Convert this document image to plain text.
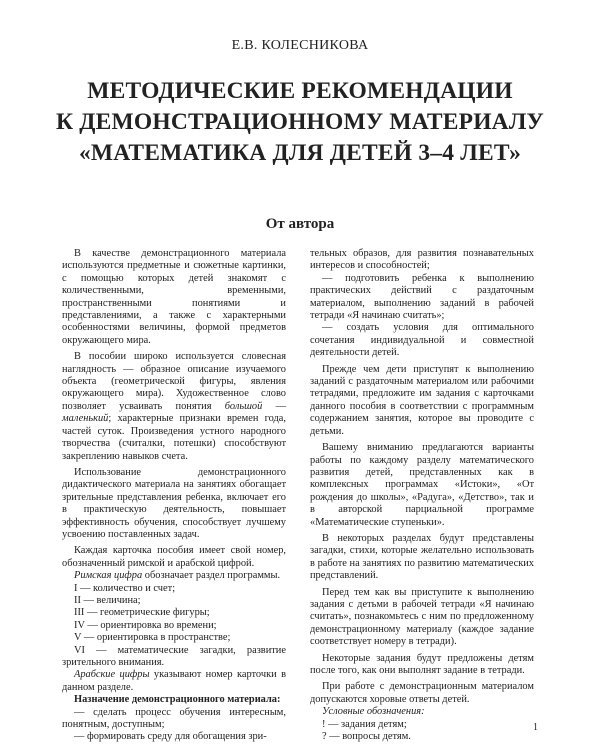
Е.В. КОЛЕСНИКОВА
МЕТОДИЧЕСКИЕ РЕКОМЕНДАЦИИ
К ДЕМОНСТРАЦИОННОМУ МАТЕРИАЛУ
«МАТЕМАТИКА ДЛЯ ДЕТЕЙ 3–4 ЛЕТ»
От автора

В качестве демонстрационного материала используются предметные и сюжетные картинки, с помощью которых детей знакомят с количественными, временными, пространственными понятиями и представлениями, а также с характерными особенностями величины, формой предметов окружающего мира.

В пособии широко используется словесная наглядность — образное описание изучаемого объекта (геометрической фигуры, явления окружающего мира). Художественное слово позволяет усваивать понятия большой — маленький; характерные признаки времен года, частей суток. Произведения устного народного творчества (считалки, потешки) способствуют закреплению навыков счета.

Использование демонстрационного дидактического материала на занятиях обогащает зрительные представления ребенка, включает его в практическую деятельность, повышает эффективность обучения, способствует лучшему усвоению поставленных задач.

Каждая карточка пособия имеет свой номер, обозначенный римской и арабской цифрой.

Римская цифра обозначает раздел программы.

I — количество и счет;

II — величина;

III — геометрические фигуры;

IV — ориентировка во времени;

V — ориентировка в пространстве;

VI — математические загадки, развитие зрительного внимания.

Арабские цифры указывают номер карточки в данном разделе.

Назначение демонстрационного материала:

— сделать процесс обучения интересным, понятным, доступным;

— формировать среду для обогащения зри-

тельных образов, для развития познавательных интересов и способностей;

— подготовить ребенка к выполнению практических действий с раздаточным материалом, выполнению заданий в рабочей тетради «Я начинаю считать»;

— создать условия для оптимального сочетания индивидуальной и совместной деятельности детей.

Прежде чем дети приступят к выполнению заданий с раздаточным материалом или рабочими тетрадями, предложите им задания с карточками данного пособия в соответствии с программным содержанием занятия, которое вы проводите с детьми.

Вашему вниманию предлагаются варианты работы по каждому разделу математического развития детей, представленных как в комплексных программах «Истоки», «От рождения до школы», «Радуга», «Детство», так и в авторской парциальной программе «Математические ступеньки».

В некоторых разделах будут представлены загадки, стихи, которые желательно использовать в работе на занятиях по развитию математических представлений.

Перед тем как вы приступите к выполнению задания с детьми в рабочей тетради «Я начинаю считать», познакомьтесь с ним по предложенному демонстрационному материалу (каждое задание соответствует номеру в тетради).

Некоторые задания будут предложены детям после того, как они выполнят задание в тетради.

При работе с демонстрационным материалом допускаются хоровые ответы детей.

Условные обозначения:

! — задания детям;

? — вопросы детям.

1
